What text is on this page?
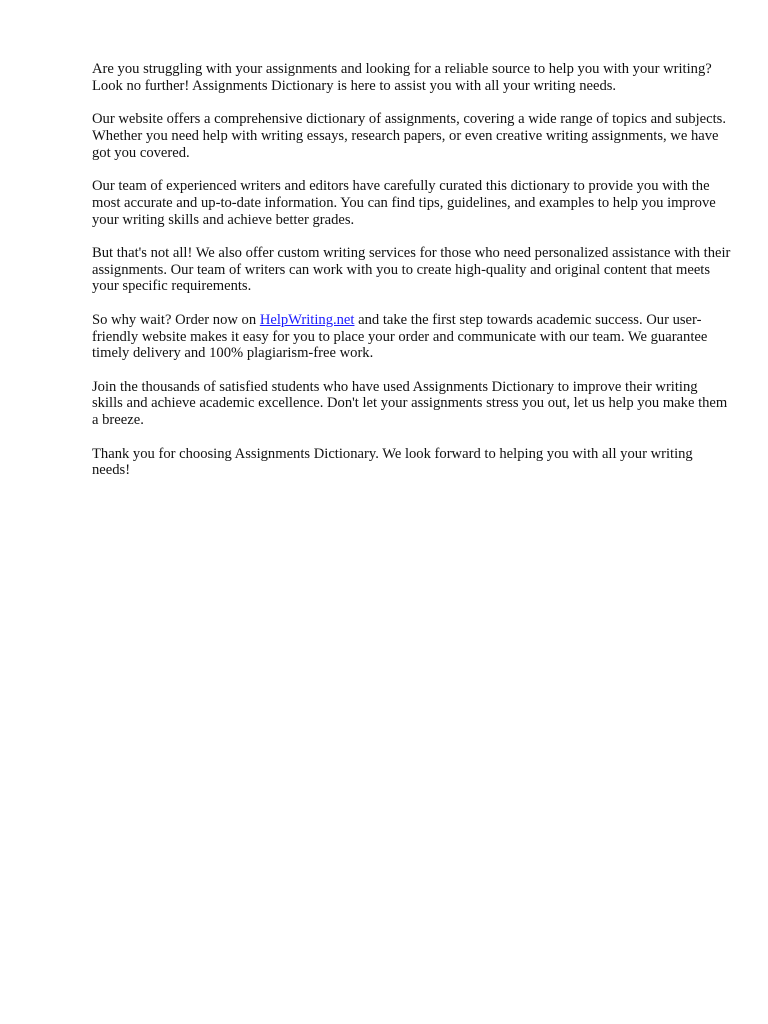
Are you struggling with your assignments and looking for a reliable source to help you with your writing? Look no further! Assignments Dictionary is here to assist you with all your writing needs.

Our website offers a comprehensive dictionary of assignments, covering a wide range of topics and subjects. Whether you need help with writing essays, research papers, or even creative writing assignments, we have got you covered.

Our team of experienced writers and editors have carefully curated this dictionary to provide you with the most accurate and up-to-date information. You can find tips, guidelines, and examples to help you improve your writing skills and achieve better grades.

But that's not all! We also offer custom writing services for those who need personalized assistance with their assignments. Our team of writers can work with you to create high-quality and original content that meets your specific requirements.

So why wait? Order now on HelpWriting.net and take the first step towards academic success. Our user-friendly website makes it easy for you to place your order and communicate with our team. We guarantee timely delivery and 100% plagiarism-free work.

Join the thousands of satisfied students who have used Assignments Dictionary to improve their writing skills and achieve academic excellence. Don't let your assignments stress you out, let us help you make them a breeze.

Thank you for choosing Assignments Dictionary. We look forward to helping you with all your writing needs!
